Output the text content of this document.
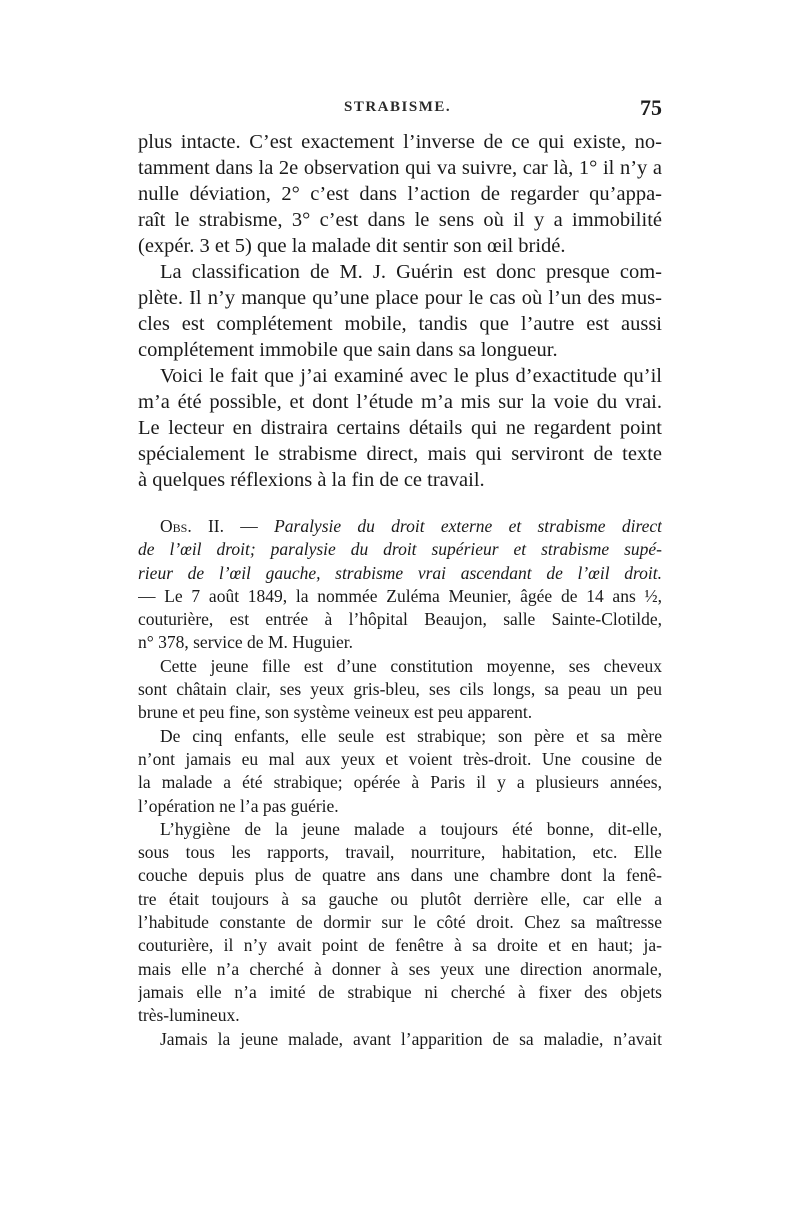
STRABISME.	75
plus intacte. C’est exactement l’inverse de ce qui existe, no-
tamment dans la 2e observation qui va suivre, car là, 1° il n’y a
nulle déviation, 2° c’est dans l’action de regarder qu’appa-
raît le strabisme, 3° c’est dans le sens où il y a immobilité
(expér. 3 et 5) que la malade dit sentir son œil bridé.
La classification de M. J. Guérin est donc presque com-
plète. Il n’y manque qu’une place pour le cas où l’un des mus-
cles est complétement mobile, tandis que l’autre est aussi
complétement immobile que sain dans sa longueur.
Voici le fait que j’ai examiné avec le plus d’exactitude qu’il
m’a été possible, et dont l’étude m’a mis sur la voie du vrai.
Le lecteur en distraira certains détails qui ne regardent point
spécialement le strabisme direct, mais qui serviront de texte
à quelques réflexions à la fin de ce travail.
Obs. II. — Paralysie du droit externe et strabisme direct
de l’œil droit; paralysie du droit supérieur et strabisme supé-
rieur de l’œil gauche, strabisme vrai ascendant de l’œil droit.
— Le 7 août 1849, la nommée Zuléma Meunier, âgée de 14 ans ½,
couturière, est entrée à l’hôpital Beaujon, salle Sainte-Clotilde,
n° 378, service de M. Huguier.
Cette jeune fille est d’une constitution moyenne, ses cheveux
sont châtain clair, ses yeux gris-bleu, ses cils longs, sa peau un peu
brune et peu fine, son système veineux est peu apparent.
De cinq enfants, elle seule est strabique; son père et sa mère
n’ont jamais eu mal aux yeux et voient très-droit. Une cousine de
la malade a été strabique; opérée à Paris il y a plusieurs années,
l’opération ne l’a pas guérie.
L’hygiène de la jeune malade a toujours été bonne, dit-elle,
sous tous les rapports, travail, nourriture, habitation, etc. Elle
couche depuis plus de quatre ans dans une chambre dont la fenê-
tre était toujours à sa gauche ou plutôt derrière elle, car elle a
l’habitude constante de dormir sur le côté droit. Chez sa maîtresse
couturière, il n’y avait point de fenêtre à sa droite et en haut; ja-
mais elle n’a cherché à donner à ses yeux une direction anormale,
jamais elle n’a imité de strabique ni cherché à fixer des objets
très-lumineux.
Jamais la jeune malade, avant l’apparition de sa maladie, n’avait
